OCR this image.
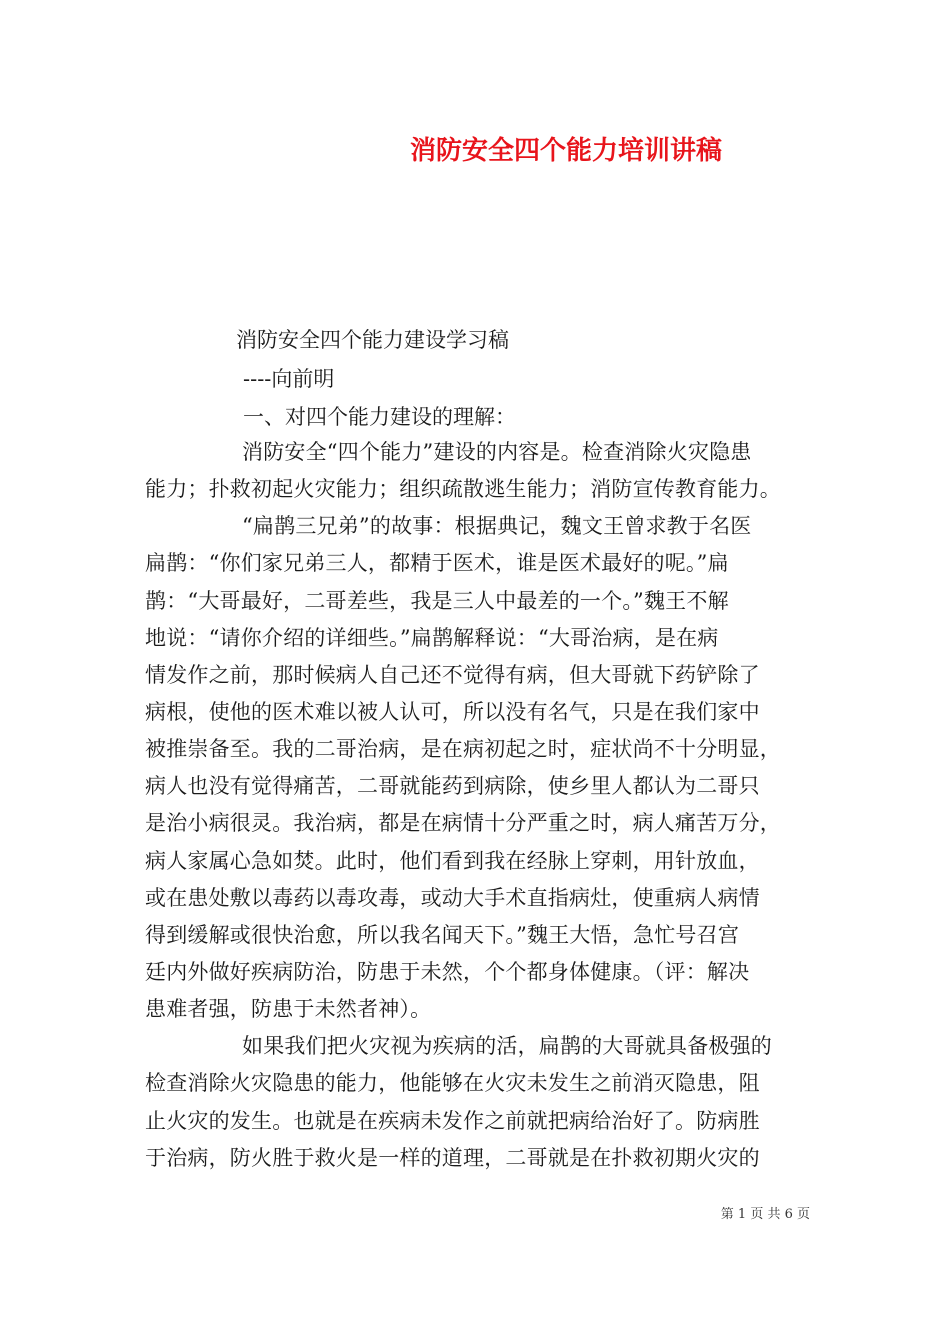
消防安全四个能力培训讲稿
消防安全四个能力建设学习稿
----向前明
一、对四个能力建设的理解：
消防安全“四个能力”建设的内容是。检查消除火灾隐患
能力；扑救初起火灾能力；组织疏散逃生能力；消防宣传教育能力。
“扁鹊三兄弟”的故事：根据典记，魏文王曾求教于名医
扁鹊：“你们家兄弟三人，都精于医术，谁是医术最好的呢。”扁
鹊：“大哥最好，二哥差些，我是三人中最差的一个。”魏王不解
地说：“请你介绍的详细些。”扁鹊解释说：“大哥治病，是在病
情发作之前，那时候病人自己还不觉得有病，但大哥就下药铲除了
病根，使他的医术难以被人认可，所以没有名气，只是在我们家中
被推崇备至。我的二哥治病，是在病初起之时，症状尚不十分明显，
病人也没有觉得痛苦，二哥就能药到病除，使乡里人都认为二哥只
是治小病很灵。我治病，都是在病情十分严重之时，病人痛苦万分，
病人家属心急如焚。此时，他们看到我在经脉上穿刺，用针放血，
或在患处敷以毒药以毒攻毒，或动大手术直指病灶，使重病人病情
得到缓解或很快治愈，所以我名闻天下。”魏王大悟，急忙号召宫
廷内外做好疾病防治，防患于未然，个个都身体健康。（评：解决
患难者强，防患于未然者神）。
如果我们把火灾视为疾病的活，扁鹊的大哥就具备极强的
检查消除火灾隐患的能力，他能够在火灾未发生之前消灭隐患，阻
止火灾的发生。也就是在疾病未发作之前就把病给治好了。防病胜
于治病，防火胜于救火是一样的道理，二哥就是在扑救初期火灾的
第 1 页 共 6 页
